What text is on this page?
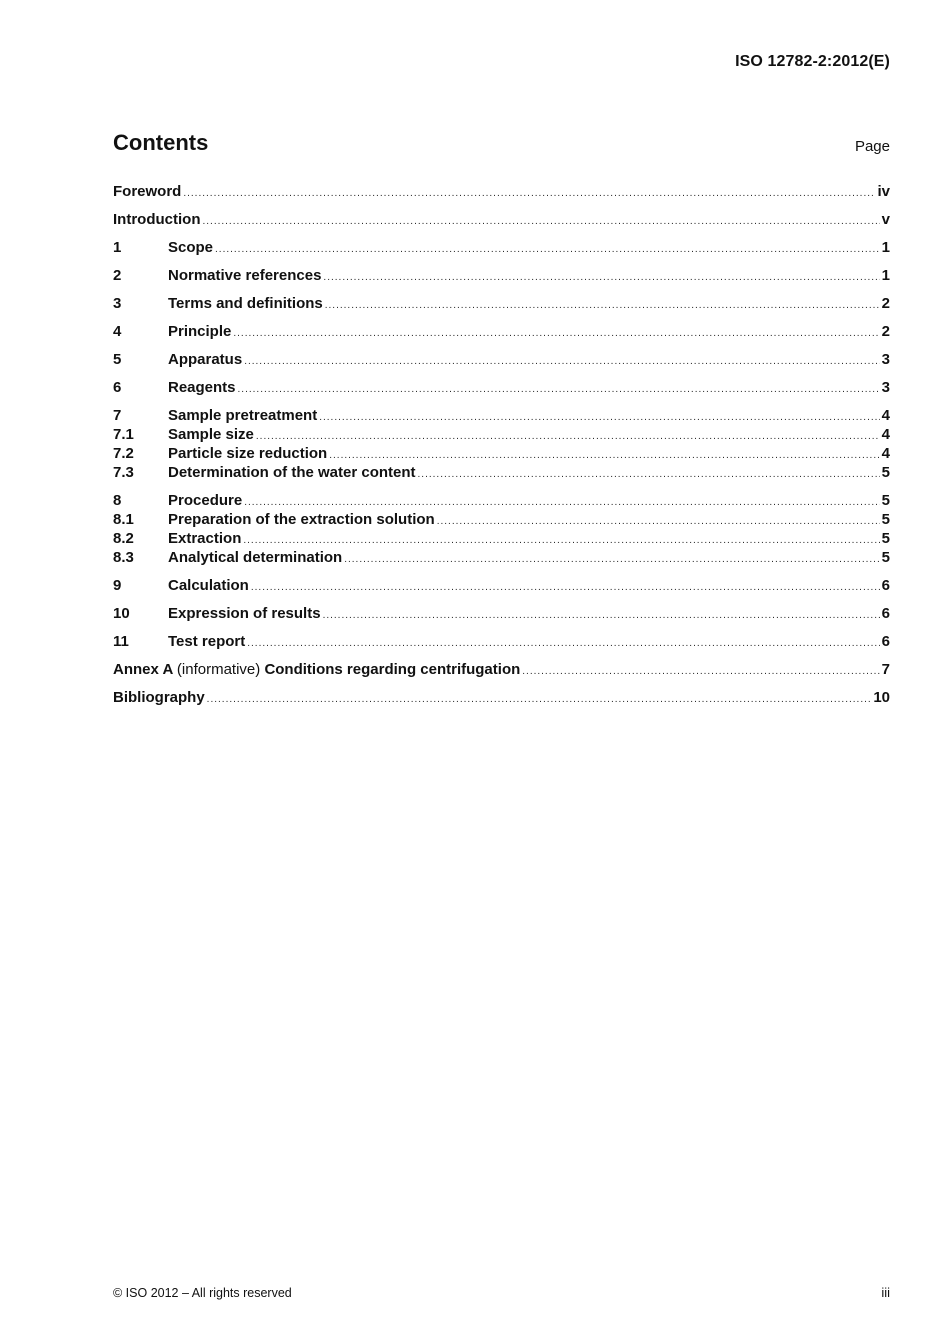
ISO 12782-2:2012(E)
Contents	Page
Foreword .....	iv
Introduction .....	v
1	Scope .....	1
2	Normative references .....	1
3	Terms and definitions .....	2
4	Principle .....	2
5	Apparatus .....	3
6	Reagents .....	3
7	Sample pretreatment .....	4
7.1	Sample size .....	4
7.2	Particle size reduction .....	4
7.3	Determination of the water content .....	5
8	Procedure .....	5
8.1	Preparation of the extraction solution .....	5
8.2	Extraction .....	5
8.3	Analytical determination .....	5
9	Calculation .....	6
10	Expression of results .....	6
11	Test report .....	6
Annex A (informative) Conditions regarding centrifugation .....	7
Bibliography .....	10
© ISO 2012 – All rights reserved	iii
